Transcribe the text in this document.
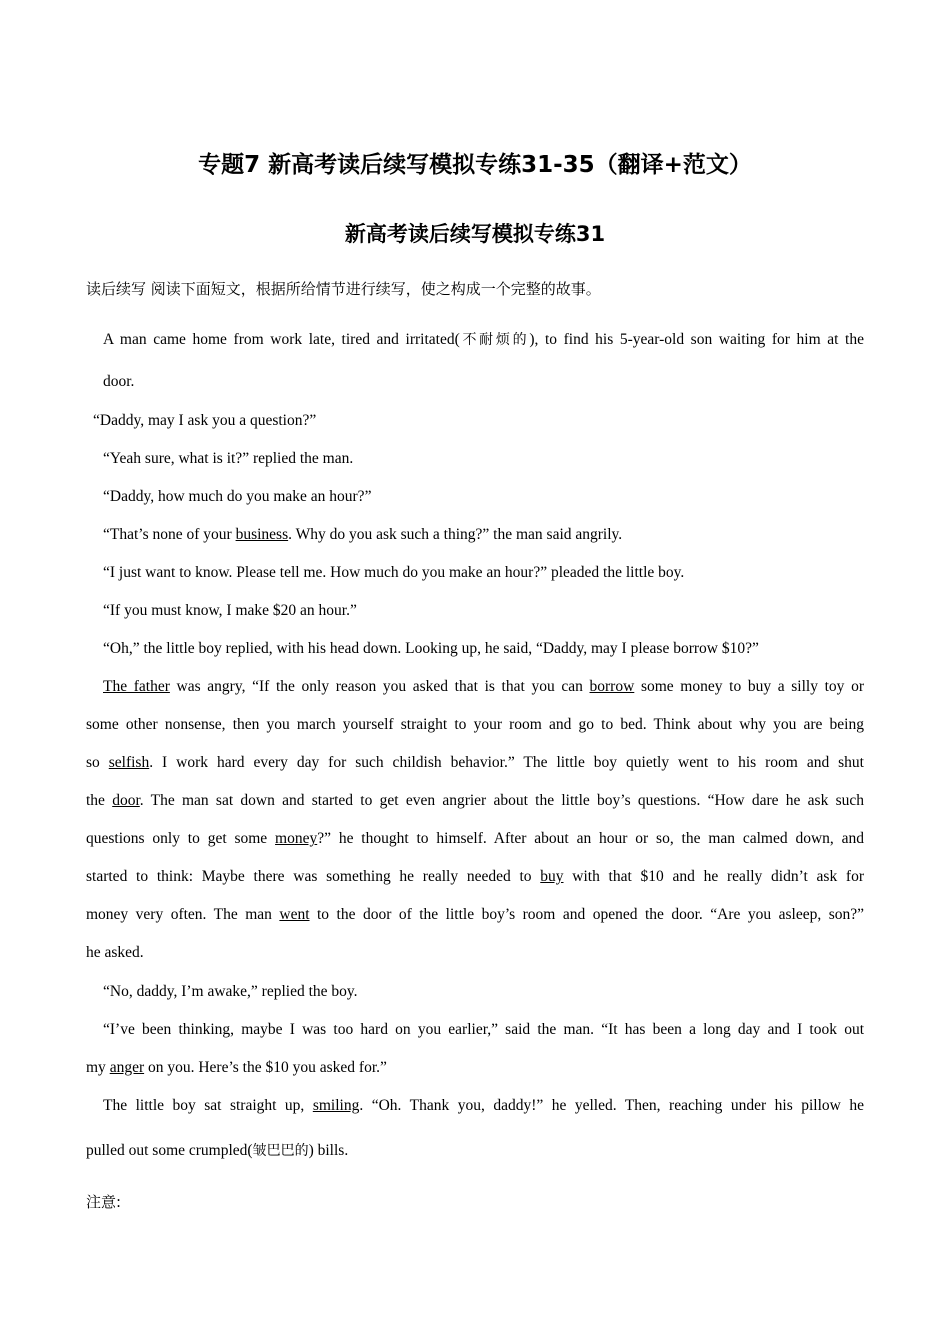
专题7 新高考读后续写模拟专练31-35（翻译+范文）
新高考读后续写模拟专练31
读后续写 阅读下面短文，根据所给情节进行续写，使之构成一个完整的故事。
A man came home from work late, tired and irritated(不耐烦的), to find his 5-year-old son waiting for him at the
door.
“Daddy, may I ask you a question?”
“Yeah sure, what is it?” replied the man.
“Daddy, how much do you make an hour?”
“That’s none of your business. Why do you ask such a thing?” the man said angrily.
“I just want to know. Please tell me. How much do you make an hour?” pleaded the little boy.
“If you must know, I make $20 an hour.”
“Oh,” the little boy replied, with his head down. Looking up, he said, “Daddy, may I please borrow $10?”
The father was angry, “If the only reason you asked that is that you can borrow some money to buy a silly toy or
some other nonsense, then you march yourself straight to your room and go to bed. Think about why you are being
so selfish. I work hard every day for such childish behavior.” The little boy quietly went to his room and shut
the door. The man sat down and started to get even angrier about the little boy’s questions. “How dare he ask such
questions only to get some money?” he thought to himself. After about an hour or so, the man calmed down, and
started to think: Maybe there was something he really needed to buy with that $10 and he really didn’t ask for
money very often. The man went to the door of the little boy’s room and opened the door. “Are you asleep, son?”
he asked.
“No, daddy, I’m awake,” replied the boy.
“I’ve been thinking, maybe I was too hard on you earlier,” said the man. “It has been a long day and I took out
my anger on you. Here’s the $10 you asked for.”
The little boy sat straight up, smiling. “Oh. Thank you, daddy!” he yelled. Then, reaching under his pillow he
pulled out some crumpled(皱巴巴的) bills.
注意:
